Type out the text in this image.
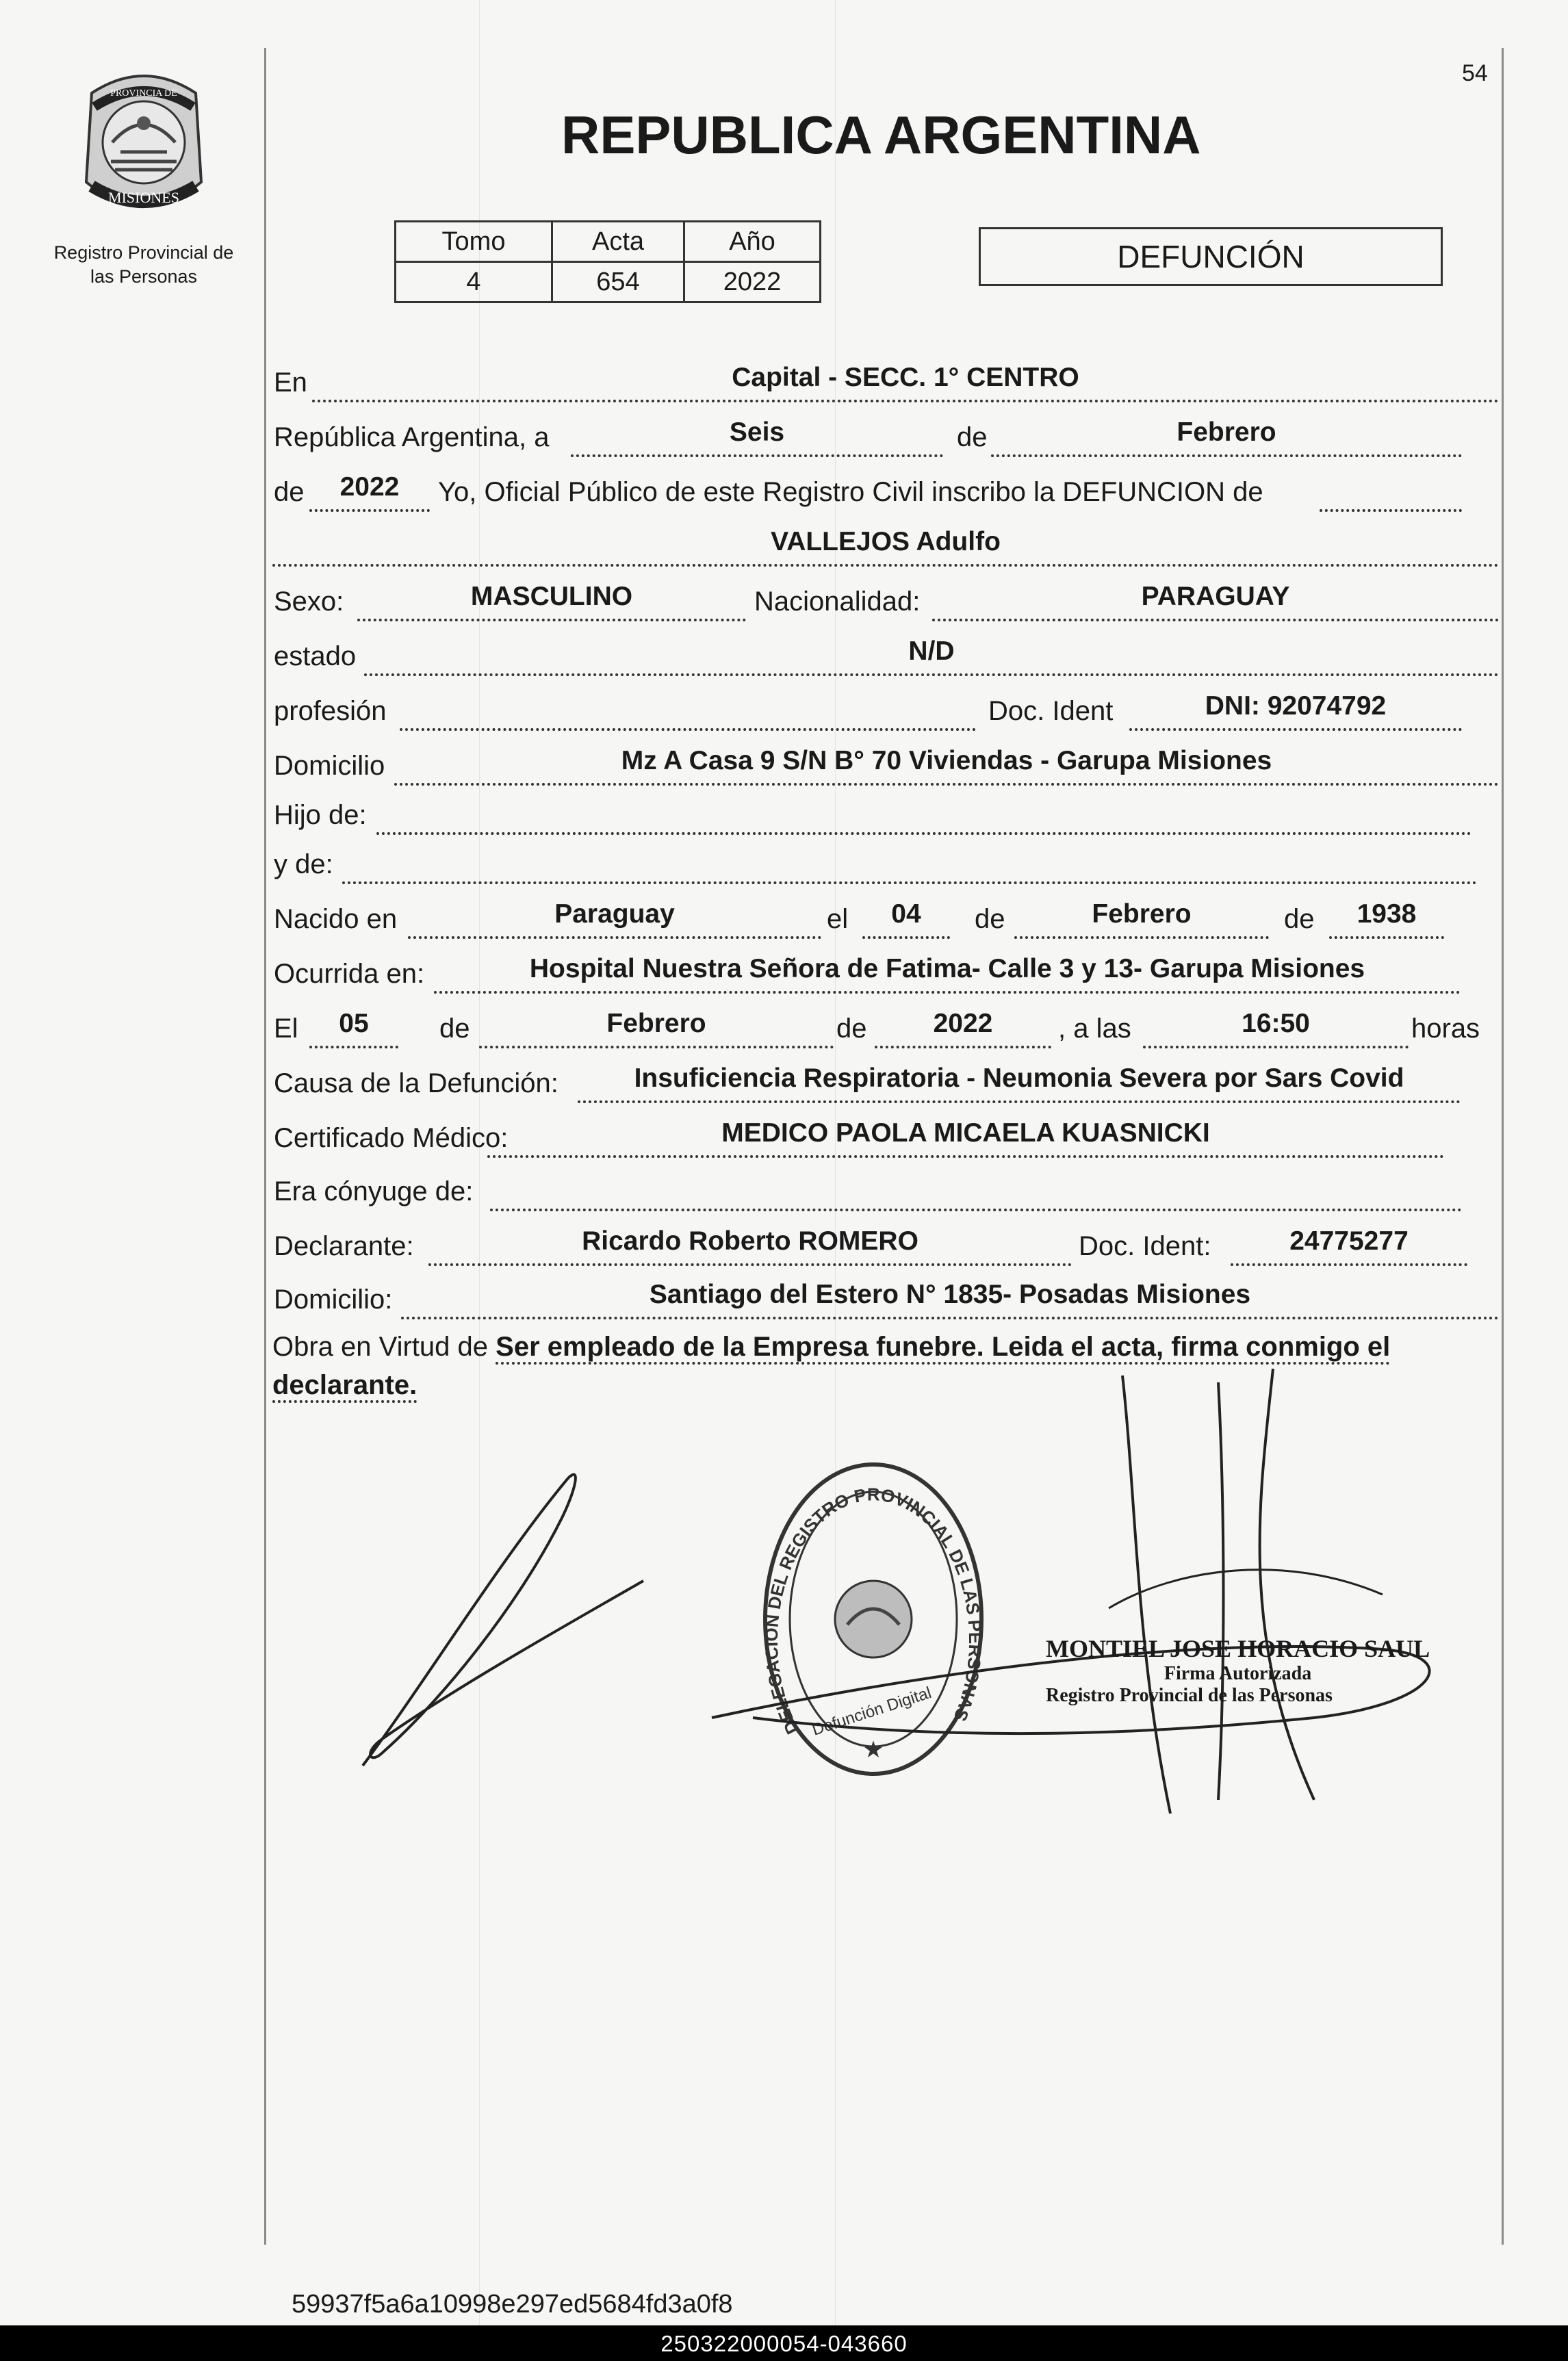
MISIONES
PROVINCIA DE
Registro Provincial de
las Personas
54
REPUBLICA ARGENTINA
Tomo	Acta	Año
4	654	2022
DEFUNCIÓN
En	Capital - SECC. 1° CENTRO
República Argentina, a	Seis	de	Febrero
de	2022	Yo, Oficial Público de este Registro Civil inscribo la DEFUNCION de
VALLEJOS Adulfo
Sexo:	MASCULINO	Nacionalidad:	PARAGUAY
estado	N/D
profesión	Doc. Ident	DNI: 92074792
Domicilio	Mz A Casa 9 S/N B° 70 Viviendas - Garupa Misiones
Hijo de:
y de:
Nacido en	Paraguay	el	04	de	Febrero	de	1938
Ocurrida en:	Hospital Nuestra Señora de Fatima- Calle 3 y 13- Garupa Misiones
El	05	de	Febrero	de	2022	, a las	16:50	horas
Causa de la Defunción:	Insuficiencia Respiratoria - Neumonia Severa por Sars Covid
Certificado Médico:	MEDICO PAOLA MICAELA KUASNICKI
Era cónyuge de:
Declarante:	Ricardo Roberto ROMERO	Doc. Ident:	24775277
Domicilio:	Santiago del Estero N° 1835- Posadas Misiones
Obra en Virtud de Ser empleado de la Empresa funebre. Leida el acta, firma conmigo el
declarante.
DELEGACION DEL REGISTRO PROVINCIAL DE LAS PERSONAS
Defunción Digital
★
MONTIEL JOSE HORACIO SAUL
Firma Autorizada
Registro Provincial de las Personas
59937f5a6a10998e297ed5684fd3a0f8
250322000054-043660
